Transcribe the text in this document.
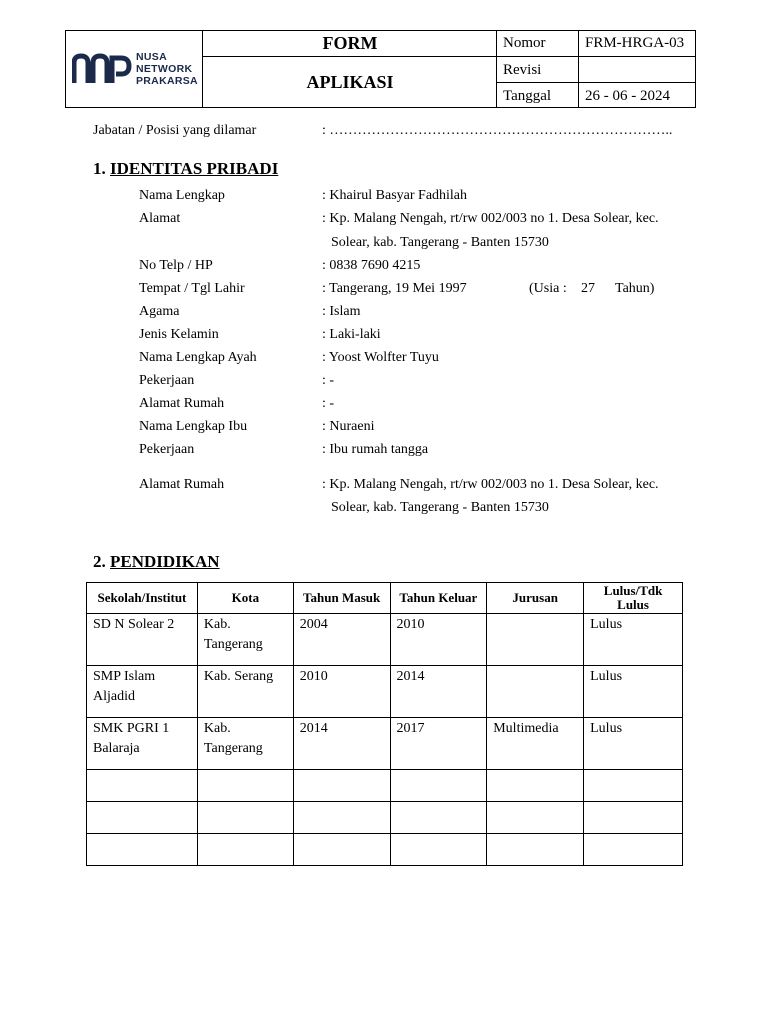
NUSA
NETWORK
PRAKARSA
FORM
APLIKASI
Nomor	FRM-HRGA-03
Revisi
Tanggal 26 - 06 - 2024
Jabatan / Posisi yang dilamar	: ………………………………………………………………..
1. IDENTITAS PRIBADI
Nama Lengkap	: Khairul Basyar Fadhilah
Alamat	: Kp. Malang Nengah, rt/rw 002/003 no 1. Desa Solear, kec.
Solear, kab. Tangerang - Banten 15730
No Telp / HP	: 0838 7690 4215
Tempat / Tgl Lahir	: Tangerang, 19 Mei 1997	(Usia : 27 Tahun)
Agama	: Islam
Jenis Kelamin	: Laki-laki
Nama Lengkap Ayah	: Yoost Wolfter Tuyu
Pekerjaan	: -
Alamat Rumah	: -
Nama Lengkap Ibu	: Nuraeni
Pekerjaan	: Ibu rumah tangga
Alamat Rumah	: Kp. Malang Nengah, rt/rw 002/003 no 1. Desa Solear, kec.
Solear, kab. Tangerang - Banten 15730
2. PENDIDIKAN
Sekolah/Institut	Kota	Tahun Masuk	Tahun Keluar	Jurusan	Lulus/Tdk Lulus
SD N Solear 2	Kab. Tangerang	2004	2010		Lulus
SMP Islam Aljadid	Kab. Serang	2010	2014		Lulus
SMK PGRI 1 Balaraja	Kab. Tangerang	2014	2017	Multimedia	Lulus
